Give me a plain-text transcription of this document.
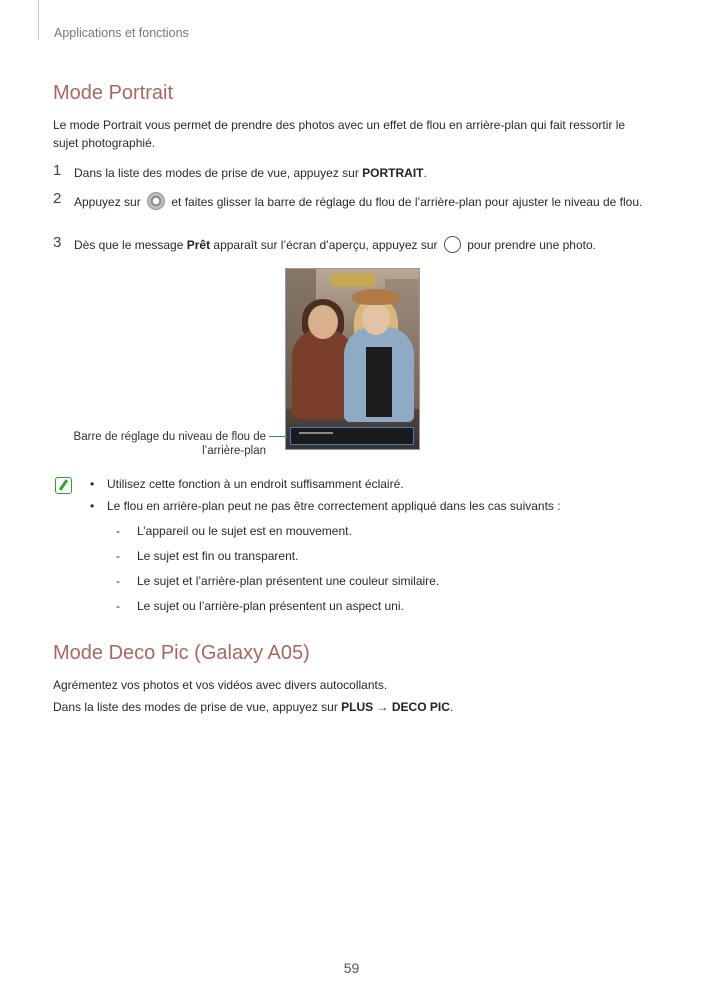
Applications et fonctions
Mode Portrait
Le mode Portrait vous permet de prendre des photos avec un effet de flou en arrière-plan qui fait ressortir le sujet photographié.
1 Dans la liste des modes de prise de vue, appuyez sur PORTRAIT.
2 Appuyez sur  et faites glisser la barre de réglage du flou de l’arrière-plan pour ajuster le niveau de flou.
3 Dès que le message Prêt apparaît sur l’écran d’aperçu, appuyez sur  pour prendre une photo.
Barre de réglage du niveau de flou de l’arrière-plan
• Utilisez cette fonction à un endroit suffisamment éclairé.
• Le flou en arrière-plan peut ne pas être correctement appliqué dans les cas suivants :
- L’appareil ou le sujet est en mouvement.
- Le sujet est fin ou transparent.
- Le sujet et l’arrière-plan présentent une couleur similaire.
- Le sujet ou l’arrière-plan présentent un aspect uni.
Mode Deco Pic (Galaxy A05)
Agrémentez vos photos et vos vidéos avec divers autocollants.
Dans la liste des modes de prise de vue, appuyez sur PLUS → DECO PIC.
59
